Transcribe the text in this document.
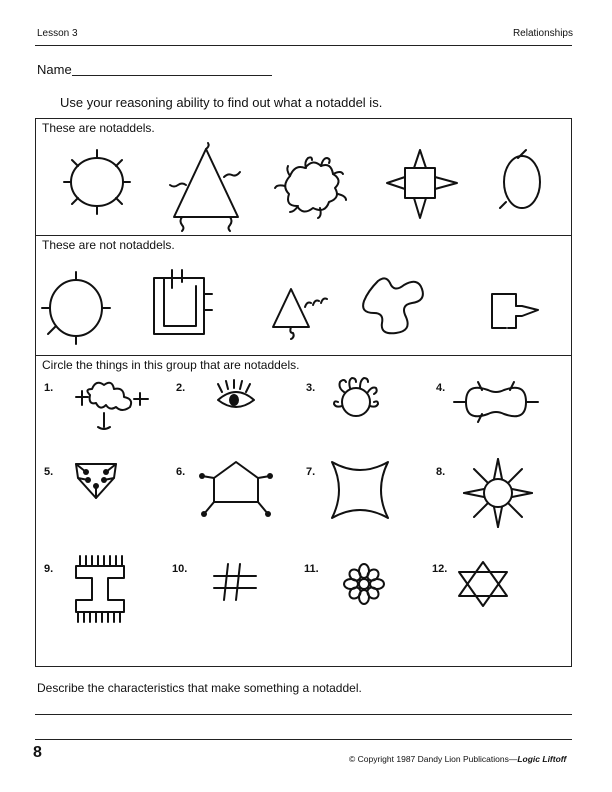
Lesson 3	Relationships
Name
Use your reasoning ability to find out what a notaddel is.
These are notaddels.
These are not notaddels.
Circle the things in this group that are notaddels.
1.	2.	3.	4.
5.	6.	7.	8.
9.	10.	11.	12.
Describe the characteristics that make something a notaddel.
8	© Copyright 1987 Dandy Lion Publications—Logic Liftoff
